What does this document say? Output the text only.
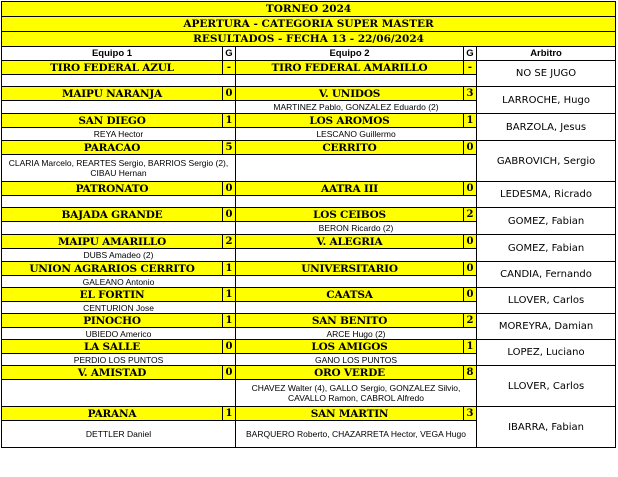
TORNEO 2024				
APERTURA - CATEGORIA SUPER MASTER				
RESULTADOS - FECHA 13 - 22/06/2024				
Equipo 1	G	Equipo 2	G	Arbitro
TIRO FEDERAL AZUL	-	TIRO FEDERAL AMARILLO	-	NO SE JUGO

MAIPU NARANJA	0	V. UNIDOS	3	LARROCHE, Hugo
		MARTINEZ Pablo, GONZALEZ Eduardo (2)		
SAN DIEGO	1	LOS AROMOS	1	BARZOLA, Jesus
REYA Hector		LESCANO Guillermo		
PARACAO	5	CERRITO	0	GABROVICH, Sergio
CLARIA Marcelo, REARTES Sergio, BARRIOS Sergio (2), CIBAU Hernan				
PATRONATO	0	AATRA III	0	LEDESMA, Ricrado

BAJADA GRANDE	0	LOS CEIBOS	2	GOMEZ, Fabian
		BERON Ricardo (2)		
MAIPU AMARILLO	2	V. ALEGRIA	0	GOMEZ, Fabian
DUBS Amadeo (2)				
UNION AGRARIOS CERRITO	1	UNIVERSITARIO	0	CANDIA, Fernando
GALEANO Antonio				
EL FORTIN	1	CAATSA	0	LLOVER, Carlos
CENTURION Jose				
PINOCHO	1	SAN BENITO	2	MOREYRA, Damian
UBIEDO Americo		ARCE Hugo (2)		
LA SALLE	0	LOS AMIGOS	1	LOPEZ, Luciano
PERDIO LOS PUNTOS		GANO LOS PUNTOS		
V. AMISTAD	0	ORO VERDE	8	LLOVER, Carlos
		CHAVEZ Walter (4), GALLO Sergio, GONZALEZ Silvio, CAVALLO Ramon, CABROL Alfredo		
PARANA	1	SAN MARTIN	3	IBARRA, Fabian
DETTLER Daniel		BARQUERO Roberto, CHAZARRETA Hector, VEGA Hugo		
